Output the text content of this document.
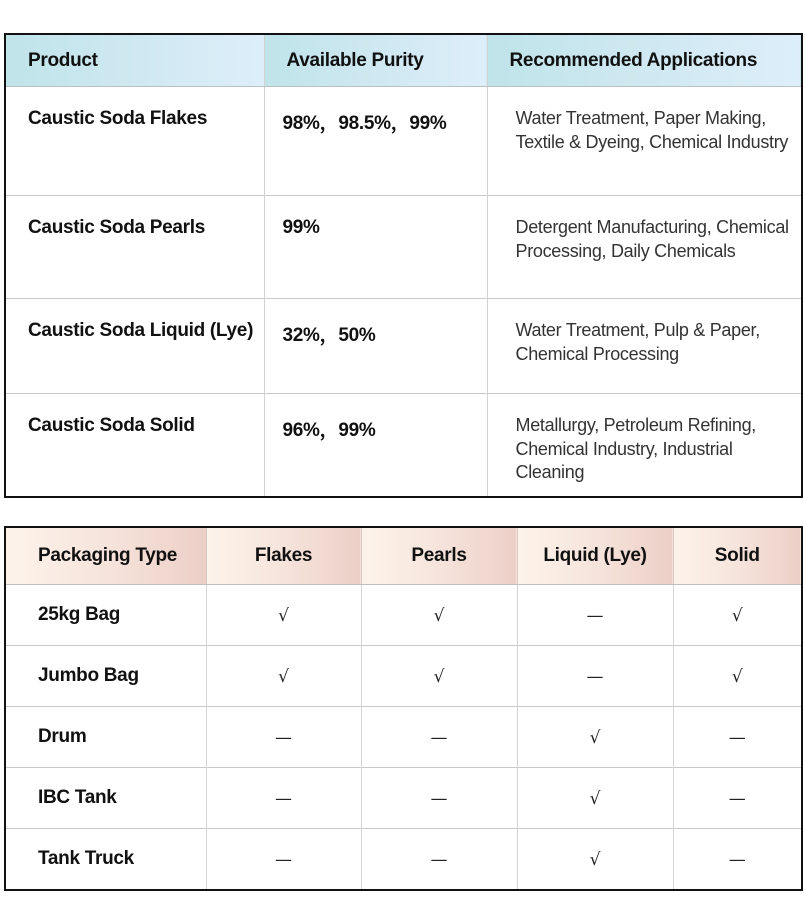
Product	Available Purity	Recommended Applications
Caustic Soda Flakes	98%，98.5%，99%	Water Treatment, Paper Making, Textile & Dyeing, Chemical Industry
Caustic Soda Pearls	99%	Detergent Manufacturing, Chemical Processing, Daily Chemicals
Caustic Soda Liquid (Lye)	32%，50%	Water Treatment, Pulp & Paper, Chemical Processing
Caustic Soda Solid	96%，99%	Metallurgy, Petroleum Refining, Chemical Industry, Industrial Cleaning
Packaging Type	Flakes	Pearls	Liquid (Lye)	Solid
25kg Bag	√	√	—	√
Jumbo Bag	√	√	—	√
Drum	—	—	√	—
IBC Tank	—	—	√	—
Tank Truck	—	—	√	—
